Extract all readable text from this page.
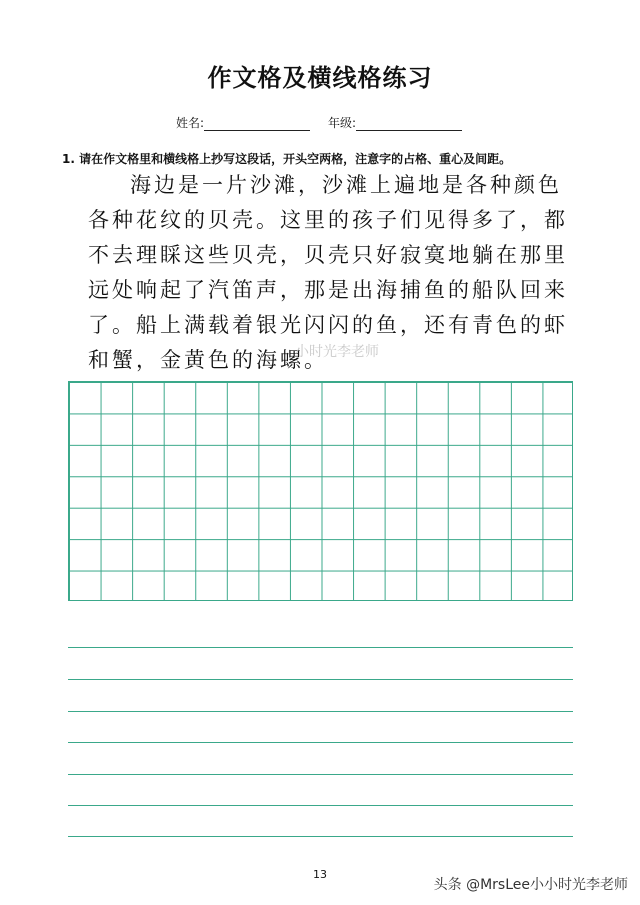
作文格及横线格练习
姓名:	年级:
1. 请在作文格里和横线格上抄写这段话，开头空两格，注意字的占格、重心及间距。
海边是一片沙滩，沙滩上遍地是各种颜色
各种花纹的贝壳。这里的孩子们见得多了，都
不去理睬这些贝壳，贝壳只好寂寞地躺在那里
远处响起了汽笛声，那是出海捕鱼的船队回来
了。船上满载着银光闪闪的鱼，还有青色的虾
和蟹，金黄色的海螺。
小时光李老师
13
头条 @MrsLee小小时光李老师
